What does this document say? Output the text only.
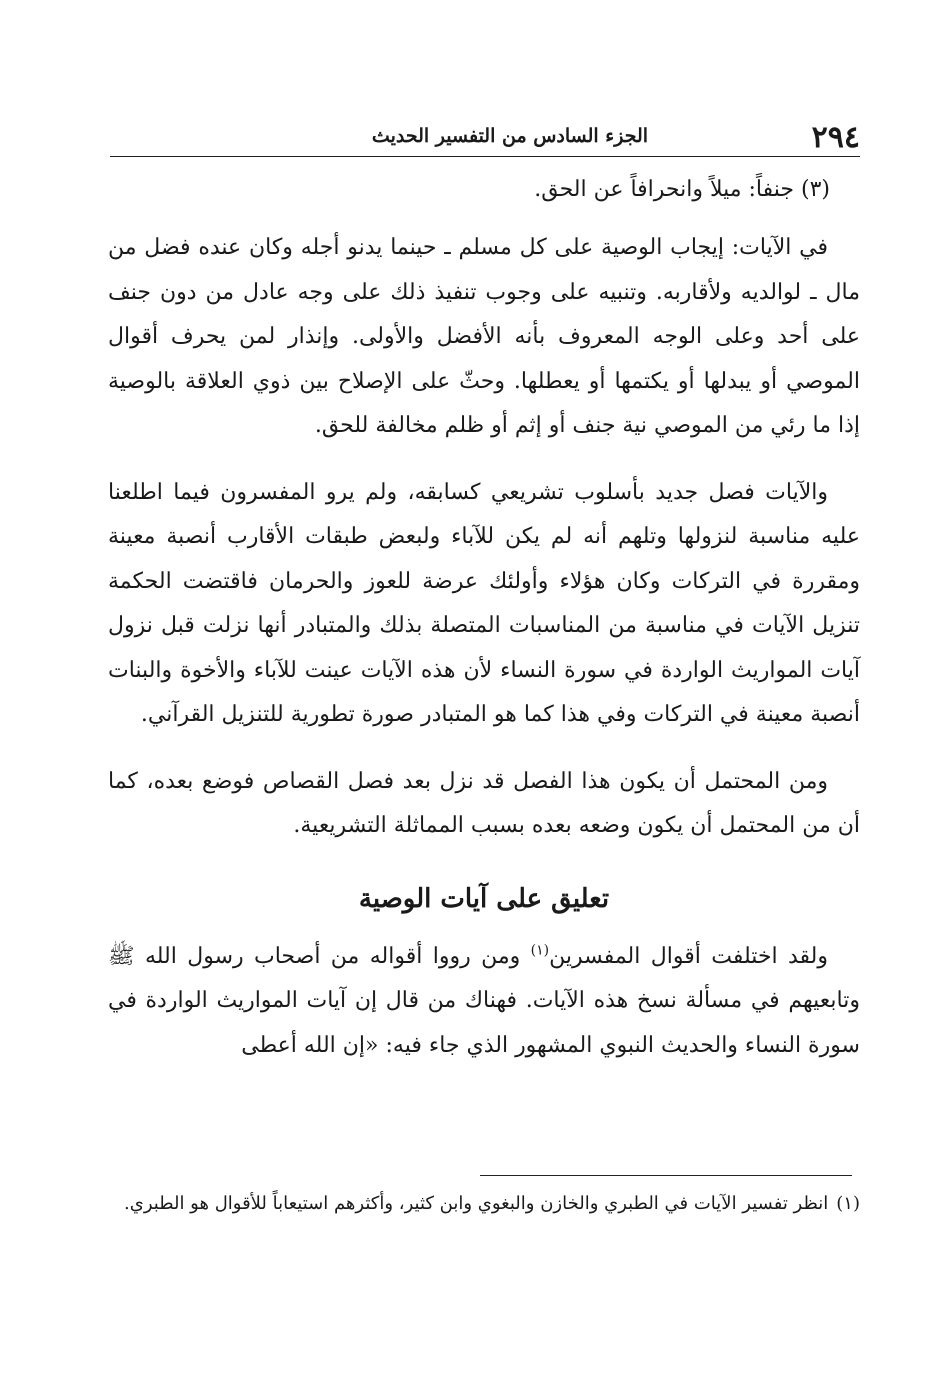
٢٩٤
الجزء السادس من التفسير الحديث
(٣) جنفاً: ميلاً وانحرافاً عن الحق.

في الآيات: إيجاب الوصية على كل مسلم ـ حينما يدنو أجله وكان عنده فضل من مال ـ لوالديه ولأقاربه. وتنبيه على وجوب تنفيذ ذلك على وجه عادل من دون جنف على أحد وعلى الوجه المعروف بأنه الأفضل والأولى. وإنذار لمن يحرف أقوال الموصي أو يبدلها أو يكتمها أو يعطلها. وحثّ على الإصلاح بين ذوي العلاقة بالوصية إذا ما رئي من الموصي نية جنف أو إثم أو ظلم مخالفة للحق.

والآيات فصل جديد بأسلوب تشريعي كسابقه، ولم يرو المفسرون فيما اطلعنا عليه مناسبة لنزولها وتلهم أنه لم يكن للآباء ولبعض طبقات الأقارب أنصبة معينة ومقررة في التركات وكان هؤلاء وأولئك عرضة للعوز والحرمان فاقتضت الحكمة تنزيل الآيات في مناسبة من المناسبات المتصلة بذلك والمتبادر أنها نزلت قبل نزول آيات المواريث الواردة في سورة النساء لأن هذه الآيات عينت للآباء والأخوة والبنات أنصبة معينة في التركات وفي هذا كما هو المتبادر صورة تطورية للتنزيل القرآني.

ومن المحتمل أن يكون هذا الفصل قد نزل بعد فصل القصاص فوضع بعده، كما أن من المحتمل أن يكون وضعه بعده بسبب المماثلة التشريعية.

تعليق على آيات الوصية

ولقد اختلفت أقوال المفسرين$^{(١)}$ ومن رووا أقواله من أصحاب رسول الله ﷺ وتابعيهم في مسألة نسخ هذه الآيات. فهناك من قال إن آيات المواريث الواردة في سورة النساء والحديث النبوي المشهور الذي جاء فيه: «إن الله أعطى

(١)انظر تفسير الآيات في الطبري والخازن والبغوي وابن كثير، وأكثرهم استيعاباً للأقوال هو الطبري.
